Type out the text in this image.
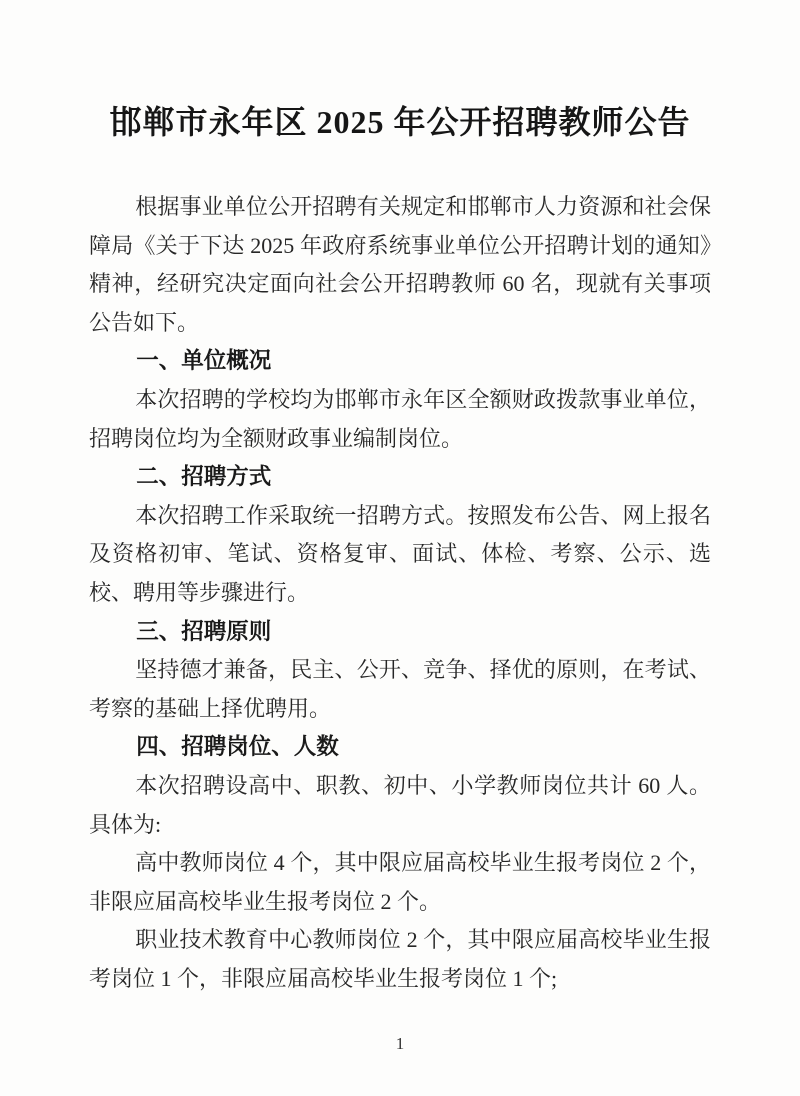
邯郸市永年区 2025 年公开招聘教师公告

根据事业单位公开招聘有关规定和邯郸市人力资源和社会保障局《关于下达 2025 年政府系统事业单位公开招聘计划的通知》精神，经研究决定面向社会公开招聘教师 60 名，现就有关事项公告如下。

一、单位概况

本次招聘的学校均为邯郸市永年区全额财政拨款事业单位，招聘岗位均为全额财政事业编制岗位。

二、招聘方式

本次招聘工作采取统一招聘方式。按照发布公告、网上报名及资格初审、笔试、资格复审、面试、体检、考察、公示、选校、聘用等步骤进行。

三、招聘原则

坚持德才兼备，民主、公开、竞争、择优的原则，在考试、考察的基础上择优聘用。

四、招聘岗位、人数

本次招聘设高中、职教、初中、小学教师岗位共计 60 人。具体为:

高中教师岗位 4 个，其中限应届高校毕业生报考岗位 2 个，非限应届高校毕业生报考岗位 2 个。

职业技术教育中心教师岗位 2 个，其中限应届高校毕业生报考岗位 1 个，非限应届高校毕业生报考岗位 1 个;

1
